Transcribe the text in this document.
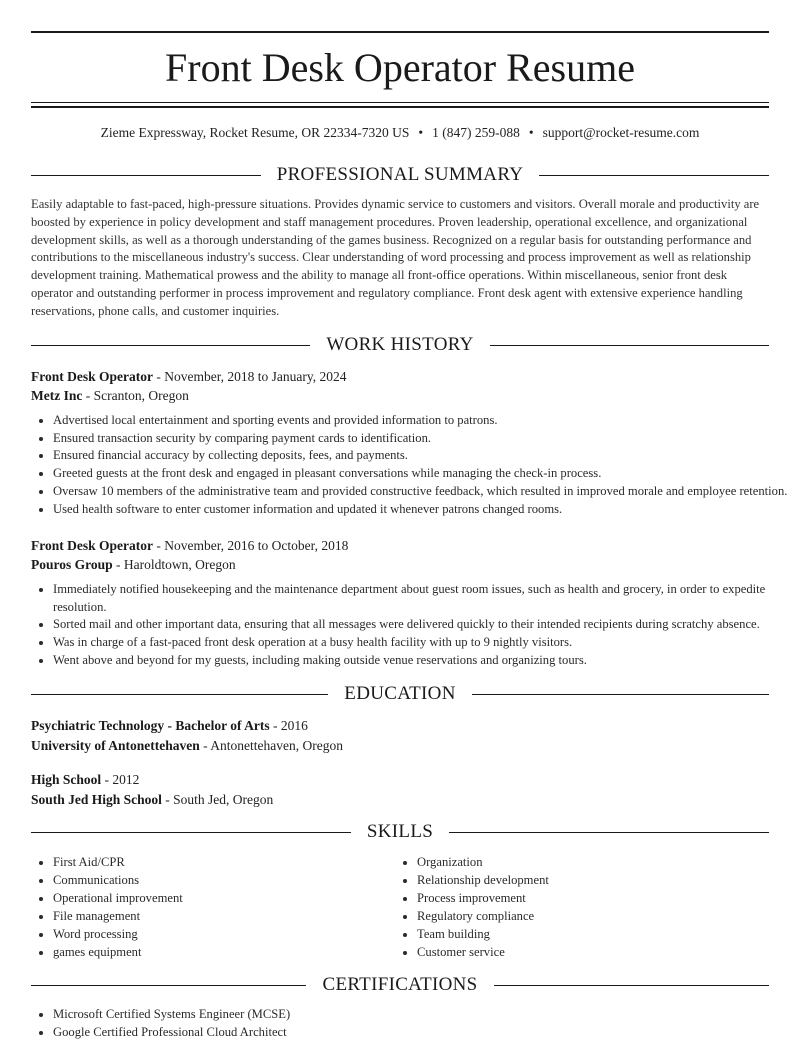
Front Desk Operator Resume
Zieme Expressway, Rocket Resume, OR 22334-7320 US • 1 (847) 259-088 • support@rocket-resume.com
PROFESSIONAL SUMMARY
Easily adaptable to fast-paced, high-pressure situations. Provides dynamic service to customers and visitors. Overall morale and productivity are boosted by experience in policy development and staff management procedures. Proven leadership, operational excellence, and organizational development skills, as well as a thorough understanding of the games business. Recognized on a regular basis for outstanding performance and contributions to the miscellaneous industry's success. Clear understanding of word processing and process improvement as well as relationship development training. Mathematical prowess and the ability to manage all front-office operations. Within miscellaneous, senior front desk operator and outstanding performer in process improvement and regulatory compliance. Front desk agent with extensive experience handling reservations, phone calls, and customer inquiries.
WORK HISTORY
Front Desk Operator - November, 2018 to January, 2024
Metz Inc - Scranton, Oregon
• Advertised local entertainment and sporting events and provided information to patrons.
• Ensured transaction security by comparing payment cards to identification.
• Ensured financial accuracy by collecting deposits, fees, and payments.
• Greeted guests at the front desk and engaged in pleasant conversations while managing the check-in process.
• Oversaw 10 members of the administrative team and provided constructive feedback, which resulted in improved morale and employee retention.
• Used health software to enter customer information and updated it whenever patrons changed rooms.
Front Desk Operator - November, 2016 to October, 2018
Pouros Group - Haroldtown, Oregon
• Immediately notified housekeeping and the maintenance department about guest room issues, such as health and grocery, in order to expedite resolution.
• Sorted mail and other important data, ensuring that all messages were delivered quickly to their intended recipients during scratchy absence.
• Was in charge of a fast-paced front desk operation at a busy health facility with up to 9 nightly visitors.
• Went above and beyond for my guests, including making outside venue reservations and organizing tours.
EDUCATION
Psychiatric Technology - Bachelor of Arts - 2016
University of Antonettehaven - Antonettehaven, Oregon
High School - 2012
South Jed High School - South Jed, Oregon
SKILLS
• First Aid/CPR
• Communications
• Operational improvement
• File management
• Word processing
• games equipment
• Organization
• Relationship development
• Process improvement
• Regulatory compliance
• Team building
• Customer service
CERTIFICATIONS
• Microsoft Certified Systems Engineer (MCSE)
• Google Certified Professional Cloud Architect
